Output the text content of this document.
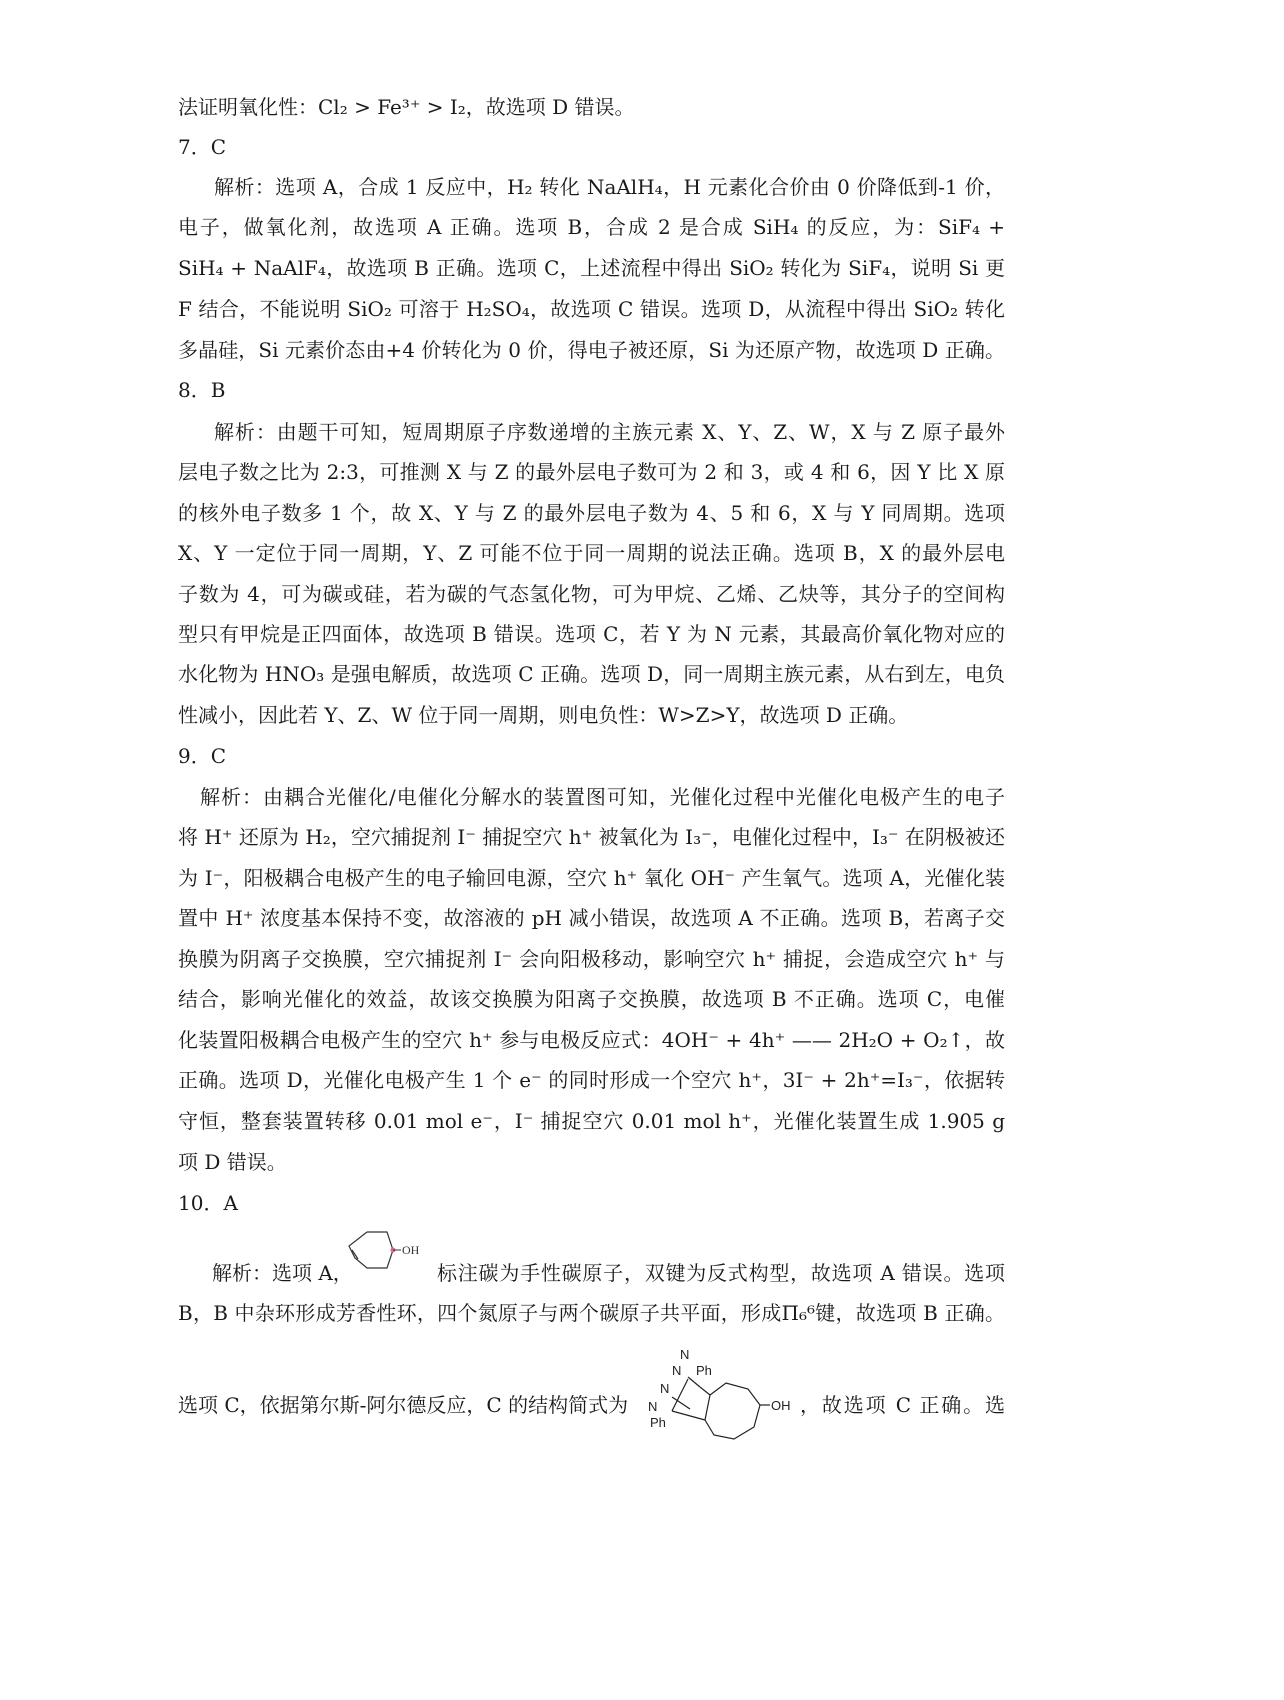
法证明氧化性：Cl₂ > Fe³⁺ > I₂，故选项 D 错误。
7．C
解析：选项 A，合成 1 反应中，H₂ 转化 NaAlH₄，H 元素化合价由 0 价降低到-1 价，
电子，做氧化剂，故选项 A 正确。选项 B，合成 2 是合成 SiH₄ 的反应，为：SiF₄ +
SiH₄ + NaAlF₄，故选项 B 正确。选项 C，上述流程中得出 SiO₂ 转化为 SiF₄，说明 Si 更
F 结合，不能说明 SiO₂ 可溶于 H₂SO₄，故选项 C 错误。选项 D，从流程中得出 SiO₂ 转化
多晶硅，Si 元素价态由+4 价转化为 0 价，得电子被还原，Si 为还原产物，故选项 D 正确。
8．B
解析：由题干可知，短周期原子序数递增的主族元素 X、Y、Z、W，X 与 Z 原子最外
层电子数之比为 2:3，可推测 X 与 Z 的最外层电子数可为 2 和 3，或 4 和 6，因 Y 比 X 原
的核外电子数多 1 个，故 X、Y 与 Z 的最外层电子数为 4、5 和 6，X 与 Y 同周期。选项
X、Y 一定位于同一周期，Y、Z 可能不位于同一周期的说法正确。选项 B，X 的最外层电
子数为 4，可为碳或硅，若为碳的气态氢化物，可为甲烷、乙烯、乙炔等，其分子的空间构
型只有甲烷是正四面体，故选项 B 错误。选项 C，若 Y 为 N 元素，其最高价氧化物对应的
水化物为 HNO₃ 是强电解质，故选项 C 正确。选项 D，同一周期主族元素，从右到左，电负
性减小，因此若 Y、Z、W 位于同一周期，则电负性：W>Z>Y，故选项 D 正确。
9．C
解析：由耦合光催化/电催化分解水的装置图可知，光催化过程中光催化电极产生的电子
将 H⁺ 还原为 H₂，空穴捕捉剂 I⁻ 捕捉空穴 h⁺ 被氧化为 I₃⁻，电催化过程中，I₃⁻ 在阴极被还
为 I⁻，阳极耦合电极产生的电子输回电源，空穴 h⁺ 氧化 OH⁻ 产生氧气。选项 A，光催化装
置中 H⁺ 浓度基本保持不变，故溶液的 pH 减小错误，故选项 A 不正确。选项 B，若离子交
换膜为阴离子交换膜，空穴捕捉剂 I⁻ 会向阳极移动，影响空穴 h⁺ 捕捉，会造成空穴 h⁺ 与
结合，影响光催化的效益，故该交换膜为阳离子交换膜，故选项 B 不正确。选项 C，电催
化装置阳极耦合电极产生的空穴 h⁺ 参与电极反应式：4OH⁻ + 4h⁺ —— 2H₂O + O₂↑，故
正确。选项 D，光催化电极产生 1 个 e⁻ 的同时形成一个空穴 h⁺，3I⁻ + 2h⁺=I₃⁻，依据转
守恒，整套装置转移 0.01 mol e⁻，I⁻ 捕捉空穴 0.01 mol h⁺，光催化装置生成 1.905 g
项 D 错误。
10．A
解析：选项 A，
OH
标注碳为手性碳原子，双键为反式构型，故选项 A 错误。选项
B，B 中杂环形成芳香性环，四个氮原子与两个碳原子共平面，形成Π₆⁶键，故选项 B 正确。
选项 C，依据第尔斯-阿尔德反应，C 的结构简式为
N
N
N
N
Ph
Ph
OH ，故选项 C 正确。选
